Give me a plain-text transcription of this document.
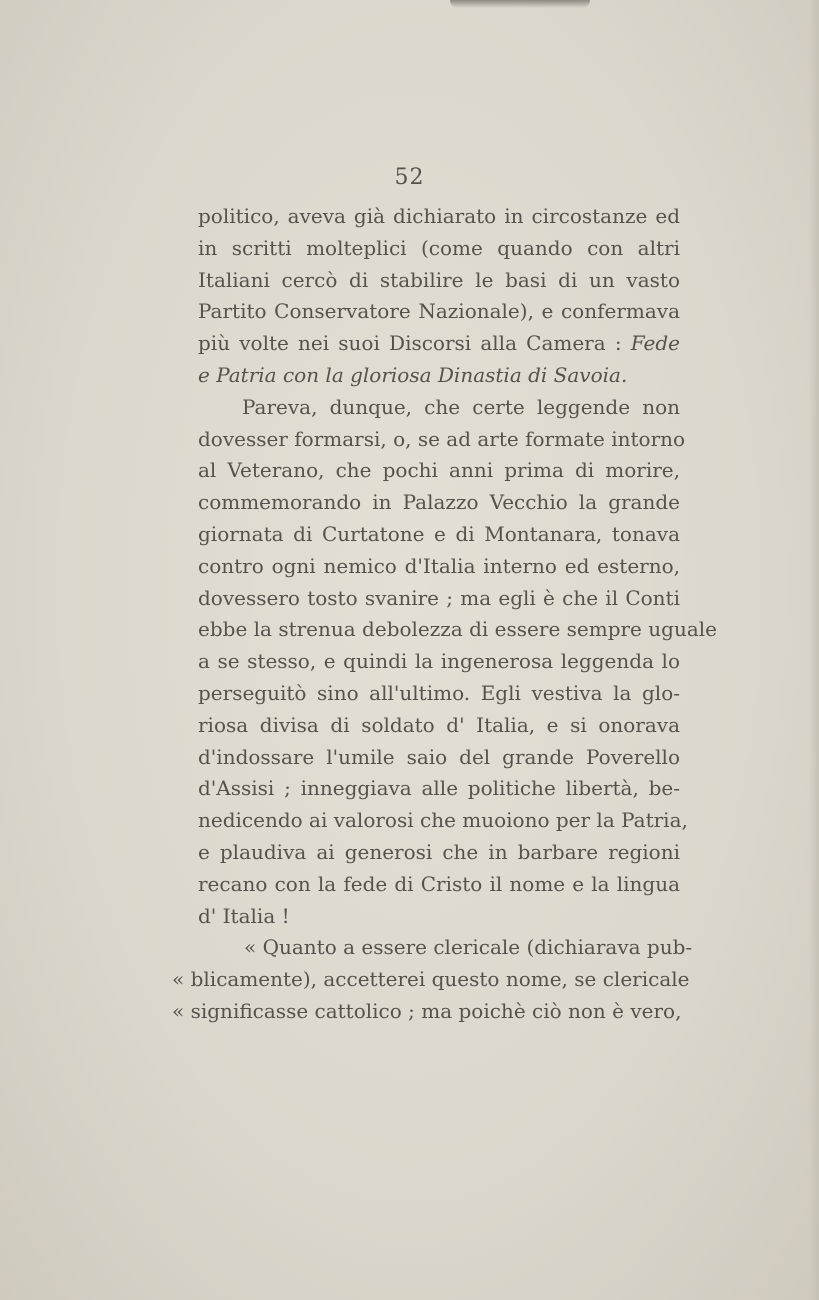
52
politico, aveva già dichiarato in circostanze ed
in scritti molteplici (come quando con altri
Italiani cercò di stabilire le basi di un vasto
Partito Conservatore Nazionale), e confermava
più volte nei suoi Discorsi alla Camera : Fede
e Patria con la gloriosa Dinastia di Savoia.
Pareva, dunque, che certe leggende non
dovesser formarsi, o, se ad arte formate intorno
al Veterano, che pochi anni prima di morire,
commemorando in Palazzo Vecchio la grande
giornata di Curtatone e di Montanara, tonava
contro ogni nemico d'Italia interno ed esterno,
dovessero tosto svanire ; ma egli è che il Conti
ebbe la strenua debolezza di essere sempre uguale
a se stesso, e quindi la ingenerosa leggenda lo
perseguitò sino all'ultimo. Egli vestiva la glo-
riosa divisa di soldato d' Italia, e si onorava
d'indossare l'umile saio del grande Poverello
d'Assisi ; inneggiava alle politiche libertà, be-
nedicendo ai valorosi che muoiono per la Patria,
e plaudiva ai generosi che in barbare regioni
recano con la fede di Cristo il nome e la lingua
d' Italia !
« Quanto a essere clericale (dichiarava pub-
« blicamente), accetterei questo nome, se clericale
« significasse cattolico ; ma poichè ciò non è vero,
